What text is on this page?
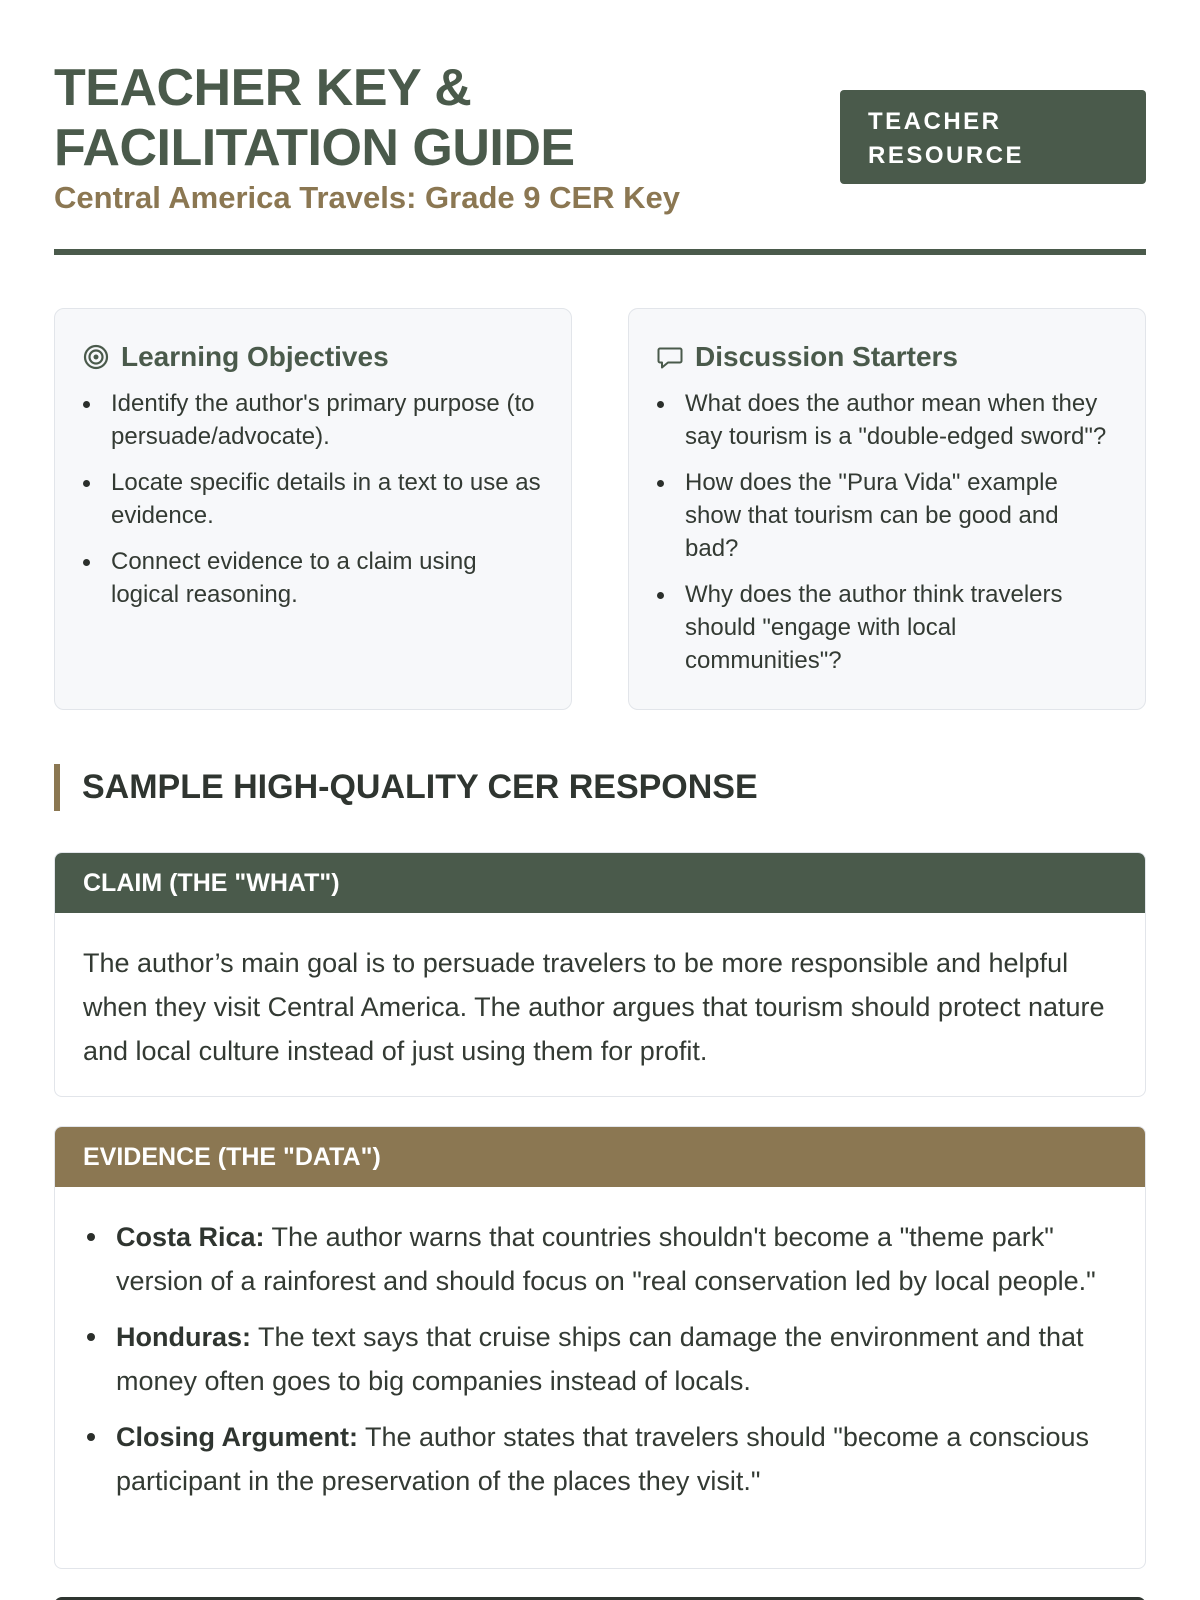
TEACHER KEY & FACILITATION GUIDE
Central America Travels: Grade 9 CER Key
TEACHER
RESOURCE
Learning Objectives
Identify the author's primary purpose (to persuade/advocate).
Locate specific details in a text to use as evidence.
Connect evidence to a claim using logical reasoning.
Discussion Starters
What does the author mean when they say tourism is a "double-edged sword"?
How does the "Pura Vida" example show that tourism can be good and bad?
Why does the author think travelers should "engage with local communities"?
SAMPLE HIGH-QUALITY CER RESPONSE
CLAIM (THE "WHAT")
The author’s main goal is to persuade travelers to be more responsible and helpful when they visit Central America. The author argues that tourism should protect nature and local culture instead of just using them for profit.
EVIDENCE (THE "DATA")
Costa Rica: The author warns that countries shouldn't become a "theme park" version of a rainforest and should focus on "real conservation led by local people."
Honduras: The text says that cruise ships can damage the environment and that money often goes to big companies instead of locals.
Closing Argument: The author states that travelers should "become a conscious participant in the preservation of the places they visit."
